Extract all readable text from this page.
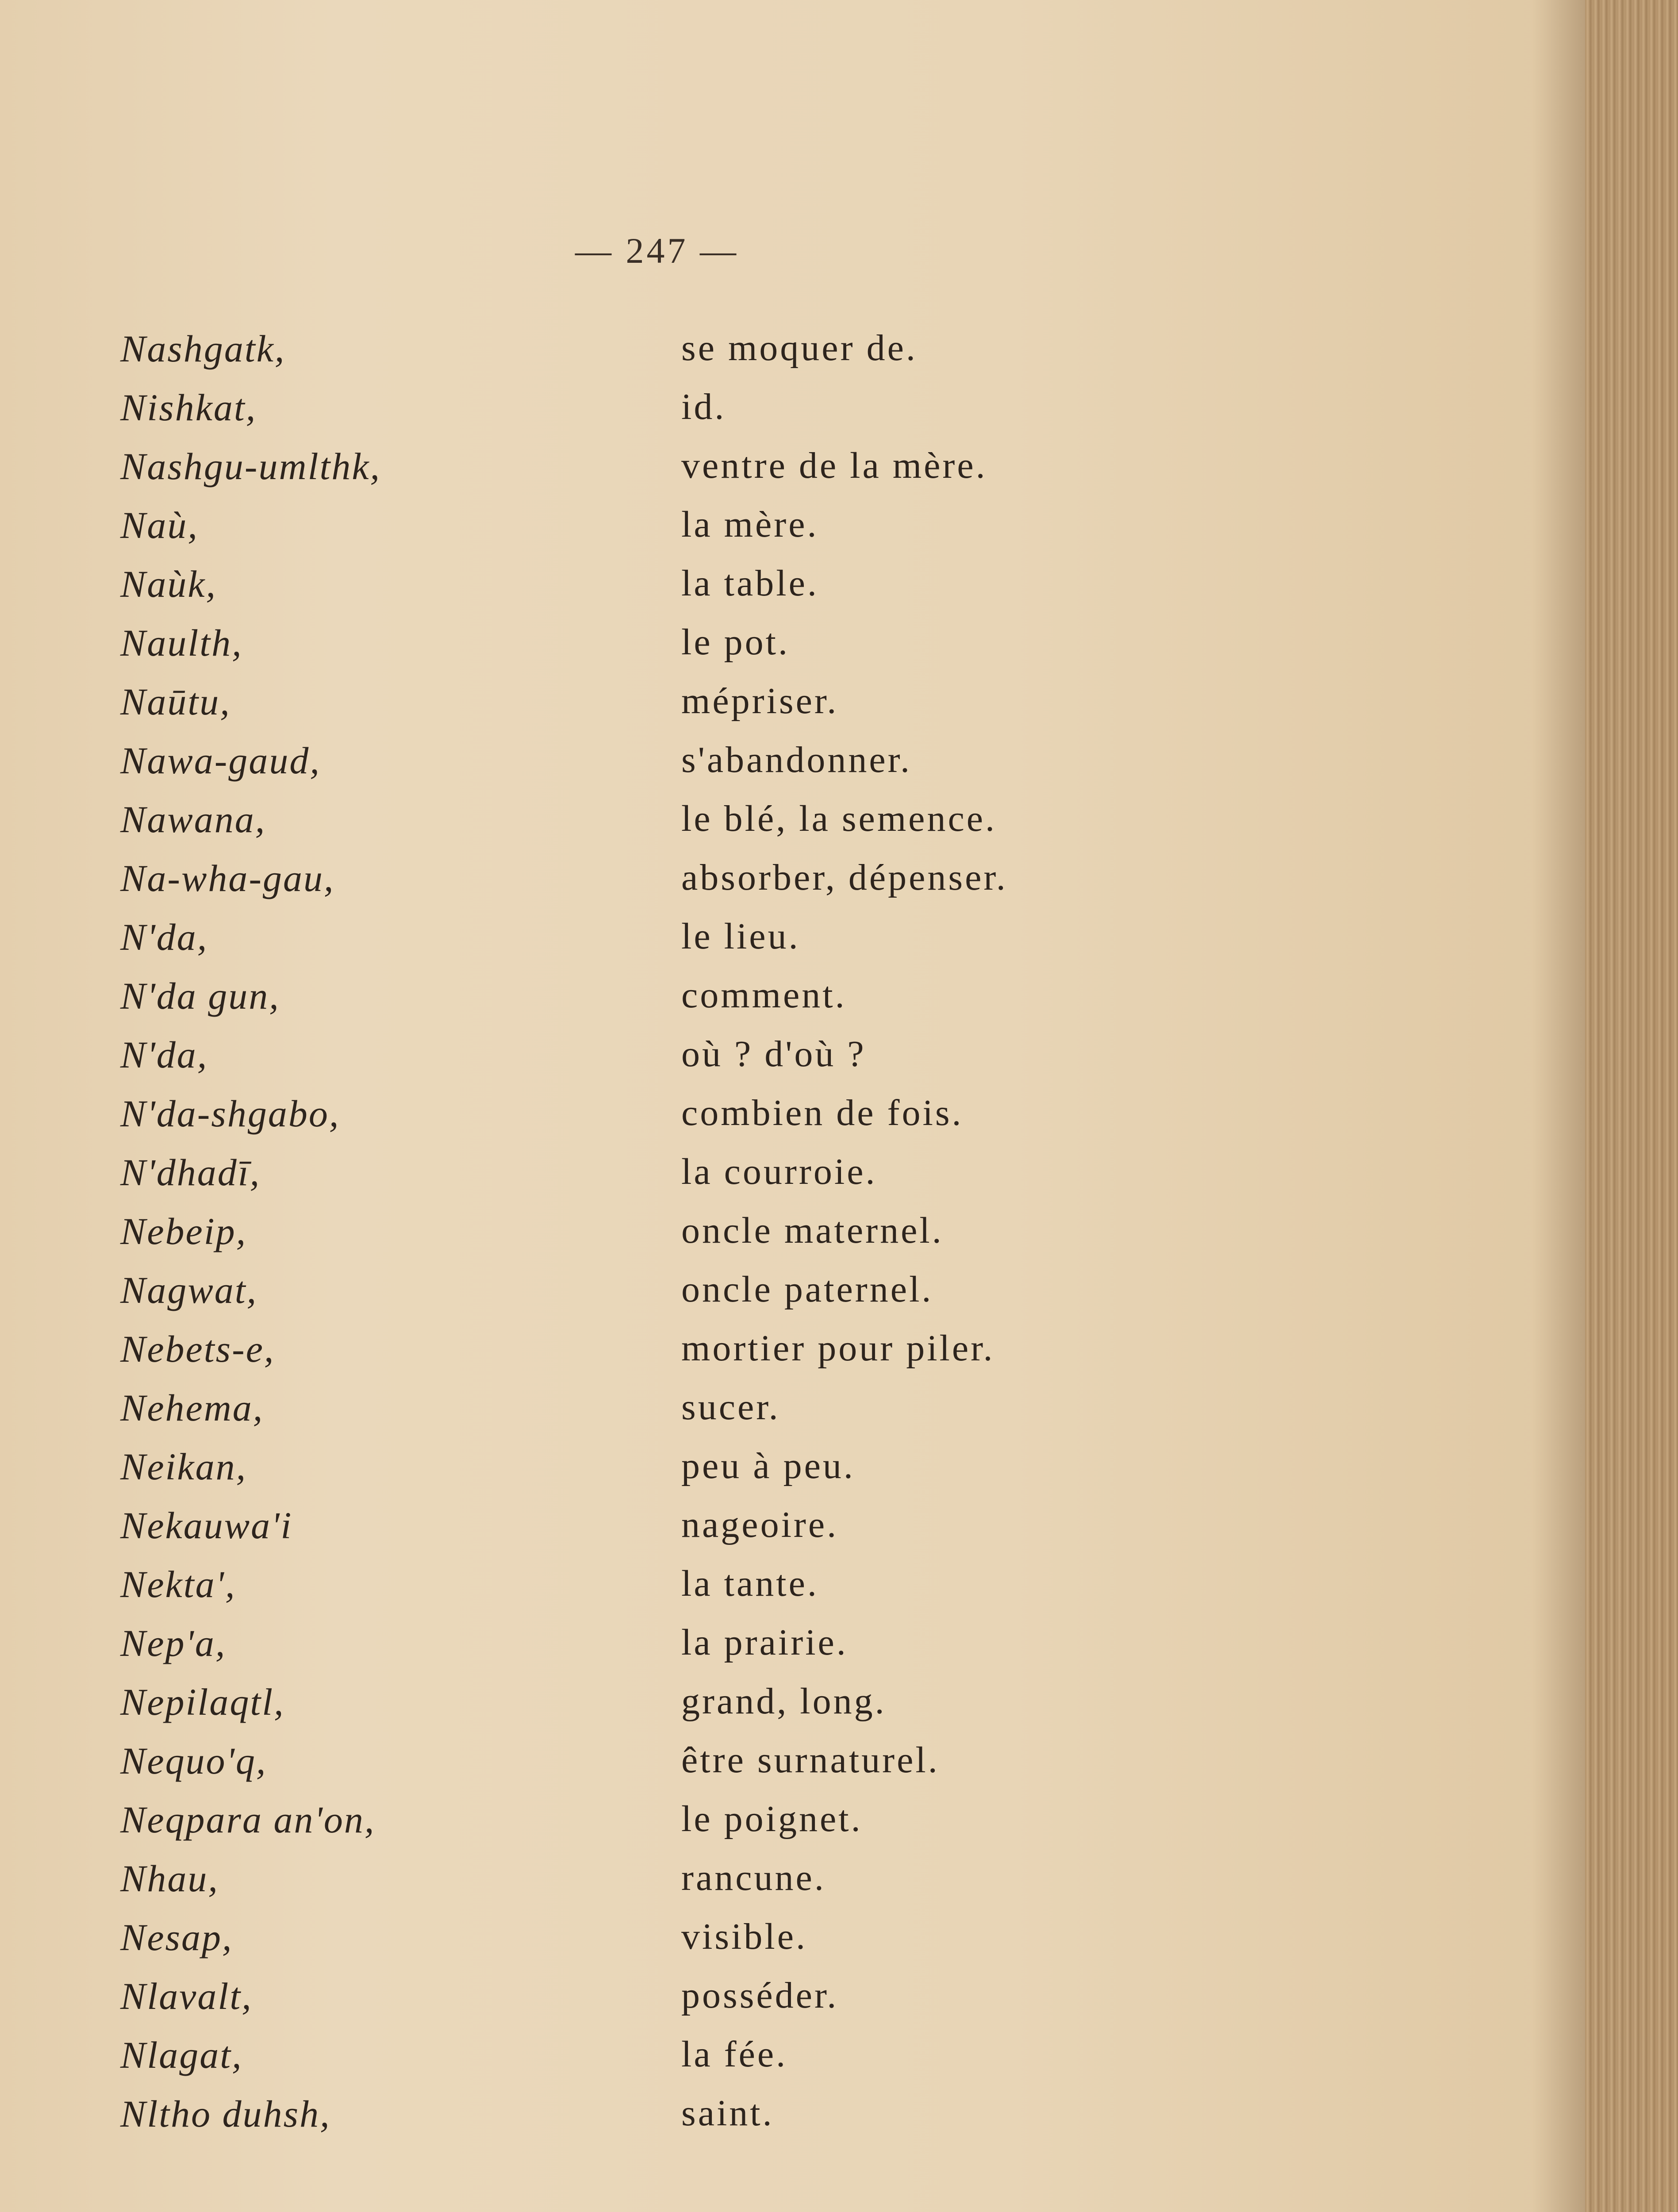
— 247 —
Nashgatk,	se moquer de.
Nishkat,	id.
Nashgu-umlthk,	ventre de la mère.
Naù,	la mère.
Naùk,	la table.
Naulth,	le pot.
Naūtu,	mépriser.
Nawa-gaud,	s'abandonner.
Nawana,	le blé, la semence.
Na-wha-gau,	absorber, dépenser.
N'da,	le lieu.
N'da gun,	comment.
N'da,	où ? d'où ?
N'da-shgabo,	combien de fois.
N'dhadī,	la courroie.
Nebeip,	oncle maternel.
Nagwat,	oncle paternel.
Nebets-e,	mortier pour piler.
Nehema,	sucer.
Neikan,	peu à peu.
Nekauwa'i	nageoire.
Nekta',	la tante.
Nep'a,	la prairie.
Nepilaqtl,	grand, long.
Nequo'q,	être surnaturel.
Neqpara an'on,	le poignet.
Nhau,	rancune.
Nesap,	visible.
Nlavalt,	posséder.
Nlagat,	la fée.
Nltho duhsh,	saint.
